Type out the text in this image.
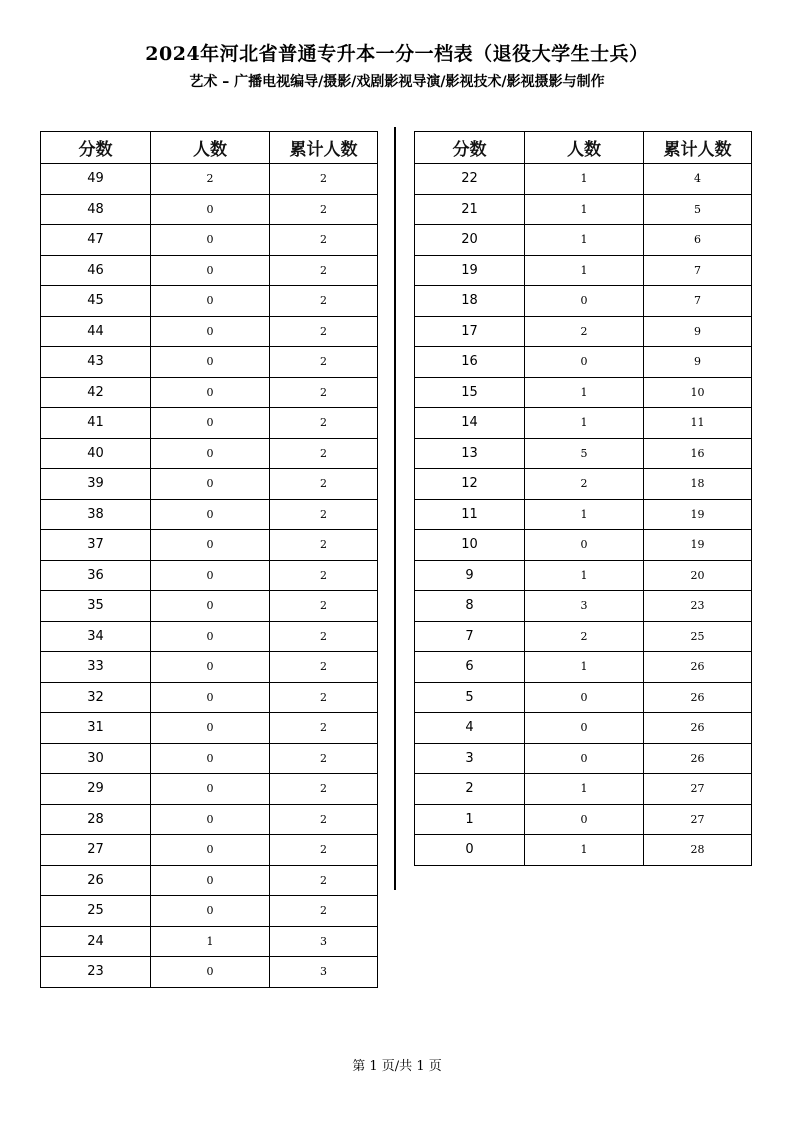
2024年河北省普通专升本一分一档表（退役大学生士兵）
艺术 – 广播电视编导/摄影/戏剧影视导演/影视技术/影视摄影与制作
分数	人数	累计人数
49	2	2
48	0	2
47	0	2
46	0	2
45	0	2
44	0	2
43	0	2
42	0	2
41	0	2
40	0	2
39	0	2
38	0	2
37	0	2
36	0	2
35	0	2
34	0	2
33	0	2
32	0	2
31	0	2
30	0	2
29	0	2
28	0	2
27	0	2
26	0	2
25	0	2
24	1	3
23	0	3
分数	人数	累计人数
22	1	4
21	1	5
20	1	6
19	1	7
18	0	7
17	2	9
16	0	9
15	1	10
14	1	11
13	5	16
12	2	18
11	1	19
10	0	19
9	1	20
8	3	23
7	2	25
6	1	26
5	0	26
4	0	26
3	0	26
2	1	27
1	0	27
0	1	28
第 1 页/共 1 页
